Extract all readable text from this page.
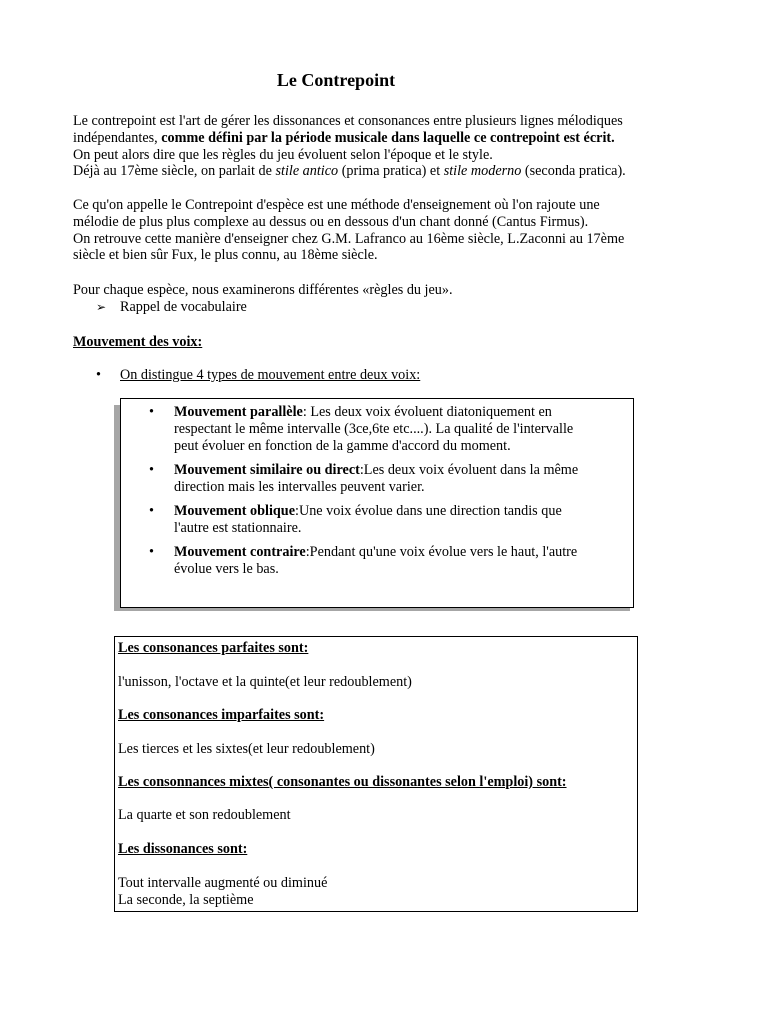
Le Contrepoint

Le contrepoint est l'art de gérer les dissonances et consonances entre plusieurs lignes mélodiques

indépendantes, comme défini par la période musicale dans laquelle ce contrepoint est écrit.

On peut alors dire que les règles du jeu évoluent selon l'époque et le style.

Déjà au 17ème siècle, on parlait de stile antico (prima pratica) et stile moderno (seconda pratica).

Ce qu'on appelle le Contrepoint d'espèce est une méthode d'enseignement où l'on rajoute une

mélodie de plus plus complexe au dessus ou en dessous d'un chant donné (Cantus Firmus).

On retrouve cette manière d'enseigner chez G.M. Lafranco au 16ème siècle, L.Zaconni au 17ème

siècle et bien sûr Fux, le plus connu, au 18ème siècle.

Pour chaque espèce, nous examinerons différentes «règles du jeu».

➢ Rappel de vocabulaire
Mouvement des voix:
• On distingue 4 types de mouvement entre deux voix:
• Mouvement parallèle: Les deux voix évoluent diatoniquement en

respectant le même intervalle (3ce,6te etc....). La qualité de l'intervalle

peut évoluer en fonction de la gamme d'accord du moment.

• Mouvement similaire ou direct:Les deux voix évoluent dans la même

direction mais les intervalles peuvent varier.

• Mouvement oblique:Une voix évolue dans une direction tandis que

l'autre est stationnaire.

• Mouvement contraire:Pendant qu'une voix évolue vers le haut, l'autre

évolue vers le bas.

Les consonances parfaites sont:

l'unisson, l'octave et la quinte(et leur redoublement)

Les consonances imparfaites sont:

Les tierces et les sixtes(et leur redoublement)

Les consonnances mixtes( consonantes ou dissonantes selon l'emploi) sont:

La quarte et son redoublement

Les dissonances sont:

Tout intervalle augmenté ou diminué

La seconde, la septième
